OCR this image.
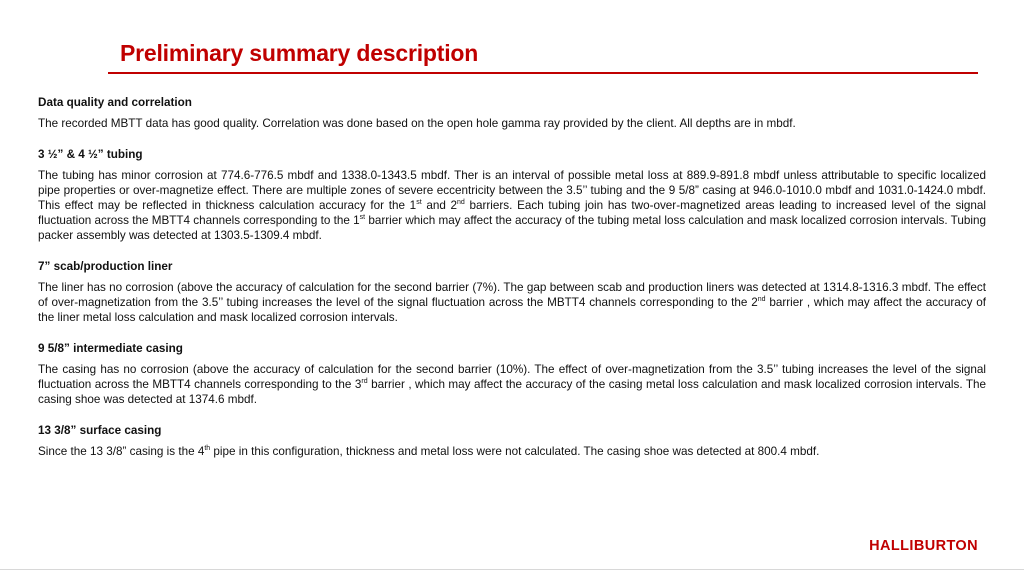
Preliminary summary description

Data quality and correlation

The recorded MBTT data has good quality. Correlation was done based on the open hole gamma ray provided by the client. All depths are in mbdf.

3 ½” & 4 ½” tubing

The tubing has minor corrosion at 774.6-776.5 mbdf and 1338.0-1343.5 mbdf. Ther is an interval of possible metal loss at 889.9-891.8 mbdf unless attributable to specific localized pipe properties or over-magnetize effect. There are multiple zones of severe eccentricity between the 3.5’’ tubing and the 9 5/8” casing at 946.0-1010.0 mbdf and 1031.0-1424.0 mbdf. This effect may be reflected in thickness calculation accuracy for the 1st and 2nd barriers. Each tubing join has two-over-magnetized areas leading to increased level of the signal fluctuation across the MBTT4 channels corresponding to the 1st barrier which may affect the accuracy of the tubing metal loss calculation and mask localized corrosion intervals. Tubing packer assembly was detected at 1303.5-1309.4 mbdf.

7” scab/production liner

The liner has no corrosion (above the accuracy of calculation for the second barrier (7%). The gap between scab and production liners was detected at 1314.8-1316.3 mbdf. The effect of over-magnetization from the 3.5’’ tubing increases the level of the signal fluctuation across the MBTT4 channels corresponding to the 2nd barrier , which may affect the accuracy of the liner metal loss calculation and mask localized corrosion intervals.

9 5/8” intermediate casing

The casing has no corrosion (above the accuracy of calculation for the second barrier (10%). The effect of over-magnetization from the 3.5’’ tubing increases the level of the signal fluctuation across the MBTT4 channels corresponding to the 3rd barrier , which may affect the accuracy of the casing metal loss calculation and mask localized corrosion intervals. The casing shoe was detected at 1374.6 mbdf.

13 3/8” surface casing

Since the 13 3/8” casing is the 4th pipe in this configuration, thickness and metal loss were not calculated. The casing shoe was detected at 800.4 mbdf.

HALLIBURTON
